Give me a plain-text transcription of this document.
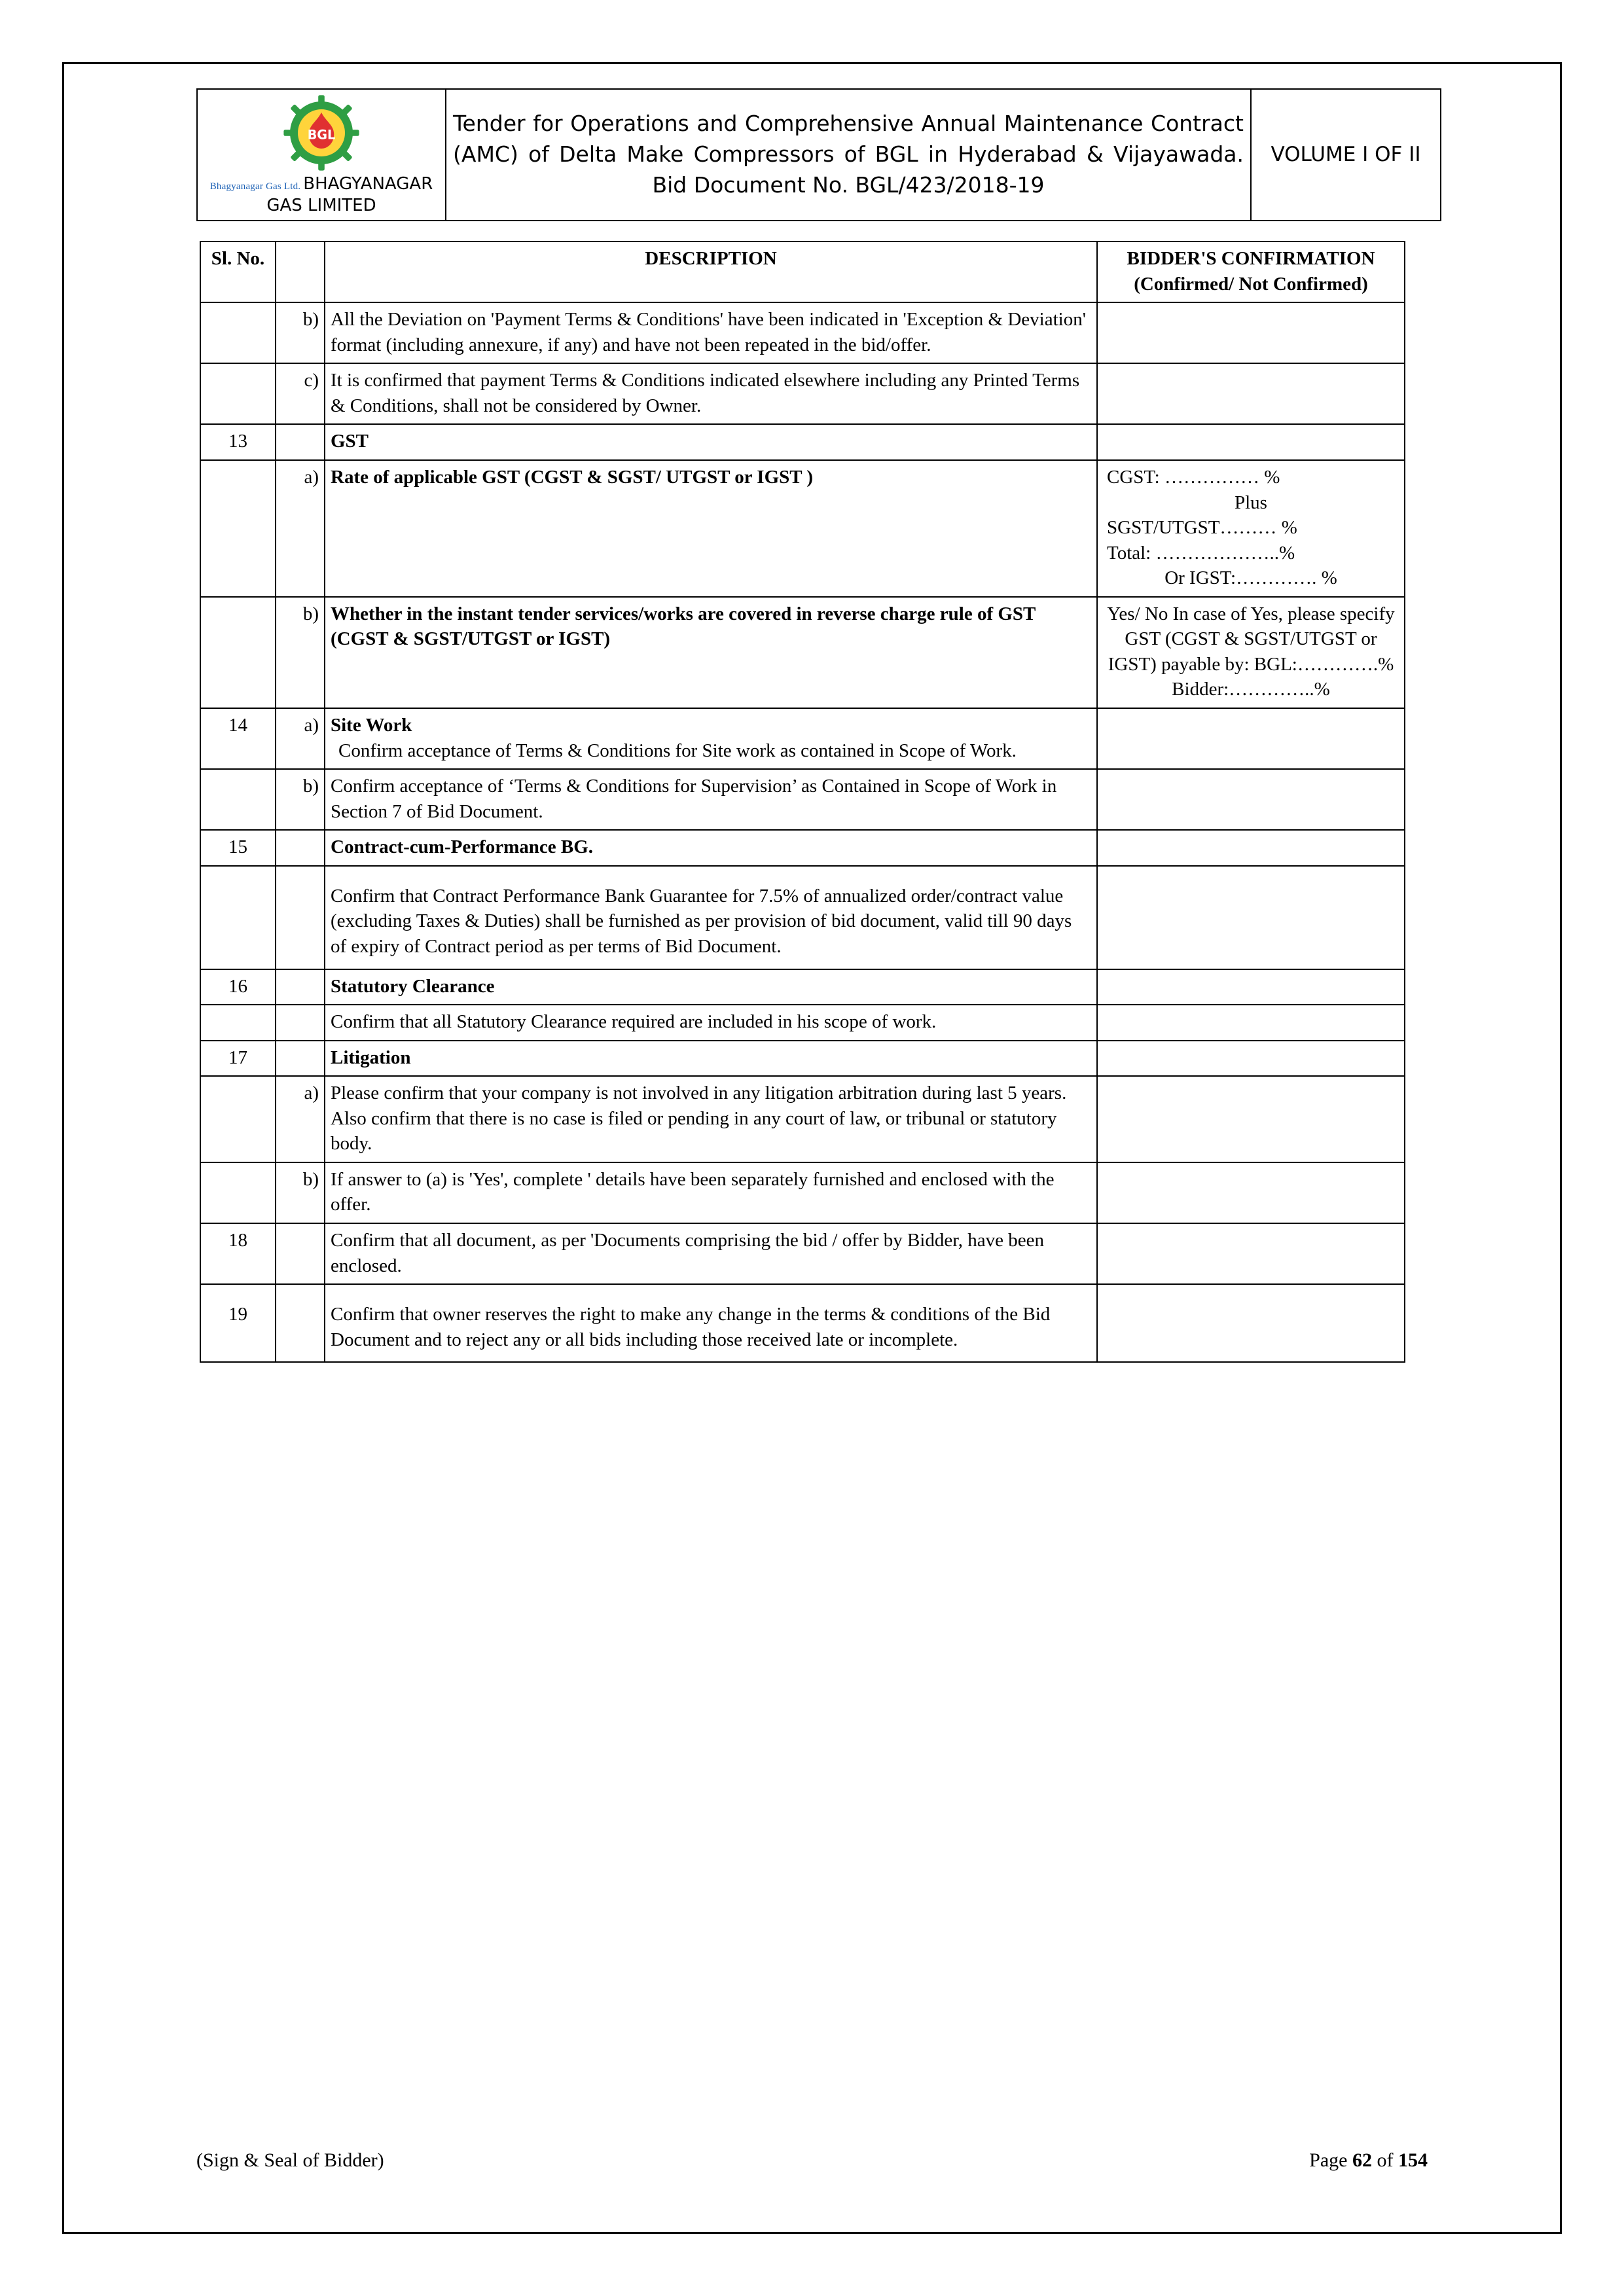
BGL
Bhagyanagar Gas Ltd. BHAGYANAGAR GAS LIMITED
	Tender for Operations and Comprehensive Annual Maintenance Contract (AMC) of Delta Make Compressors of BGL in Hyderabad & Vijayawada.
Bid Document No. BGL/423/2018-19
	VOLUME I OF II
Sl. No.		DESCRIPTION	BIDDER'S CONFIRMATION (Confirmed/ Not Confirmed)
	b)	All the Deviation on 'Payment Terms & Conditions' have been indicated in 'Exception & Deviation' format (including annexure, if any) and have not been repeated in the bid/offer.	
	c)	It is confirmed that payment Terms & Conditions indicated elsewhere including any Printed Terms & Conditions, shall not be considered by Owner.	
13		GST	
	a)	Rate of applicable GST (CGST & SGST/ UTGST or IGST )	CGST: …………… %
Plus
SGST/UTGST……… %
Total: ………………..%
Or IGST:…………. %
	b)	Whether in the instant tender services/works are covered in reverse charge rule of GST (CGST & SGST/UTGST or IGST)	Yes/ No In case of Yes, please specify GST (CGST & SGST/UTGST or IGST) payable by: BGL:………….% Bidder:…………..%
14	a)	Site Work
Confirm acceptance of Terms & Conditions for Site work as contained in Scope of Work.	

	b)	Confirm acceptance of ‘Terms & Conditions for Supervision’ as Contained in Scope of Work in Section 7 of Bid Document.	
15		Contract-cum-Performance BG.	
		Confirm that Contract Performance Bank Guarantee for 7.5% of annualized order/contract value (excluding Taxes & Duties) shall be furnished as per provision of bid document, valid till 90 days of expiry of Contract period as per terms of Bid Document.	
16		Statutory Clearance	
		Confirm that all Statutory Clearance required are included in his scope of work.	
17		Litigation	
	a)	Please confirm that your company is not involved in any litigation arbitration during last 5 years. Also confirm that there is no case is filed or pending in any court of law, or tribunal or statutory body.	
	b)	If answer to (a) is 'Yes', complete ' details have been separately furnished and enclosed with the offer.	
18		Confirm that all document, as per 'Documents comprising the bid / offer by Bidder, have been enclosed.	
19		Confirm that owner reserves the right to make any change in the terms & conditions of the Bid Document and to reject any or all bids including those received late or incomplete.	
(Sign & Seal of Bidder)	Page 62 of 154
